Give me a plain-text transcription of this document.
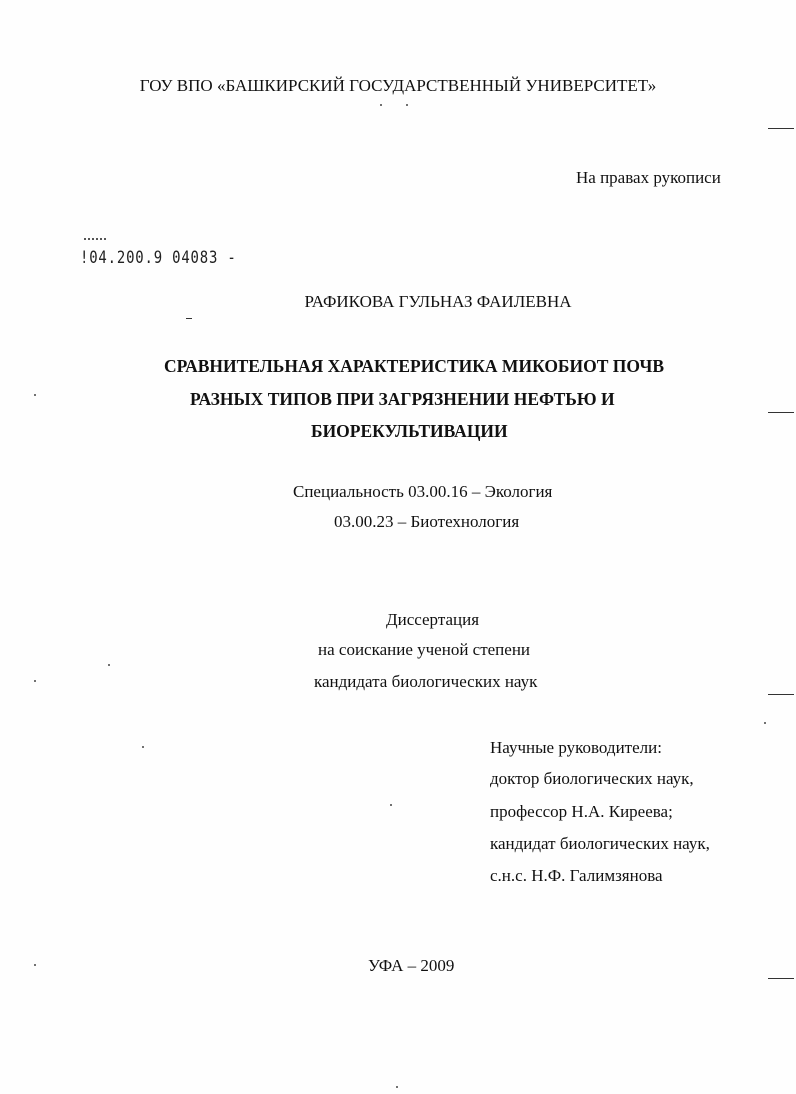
ГОУ ВПО «БАШКИРСКИЙ ГОСУДАРСТВЕННЫЙ УНИВЕРСИТЕТ»
На правах рукописи
!04.200.9 04083 -
РАФИКОВА ГУЛЬНАЗ ФАИЛЕВНА
СРАВНИТЕЛЬНАЯ ХАРАКТЕРИСТИКА МИКОБИОТ ПОЧВ
РАЗНЫХ ТИПОВ ПРИ ЗАГРЯЗНЕНИИ НЕФТЬЮ И
БИОРЕКУЛЬТИВАЦИИ
Специальность 03.00.16 – Экология
03.00.23 – Биотехнология
Диссертация
на соискание ученой степени
кандидата биологических наук
Научные руководители:
доктор биологических наук,
профессор Н.А. Киреева;
кандидат биологических наук,
с.н.с. Н.Ф. Галимзянова
УФА – 2009
